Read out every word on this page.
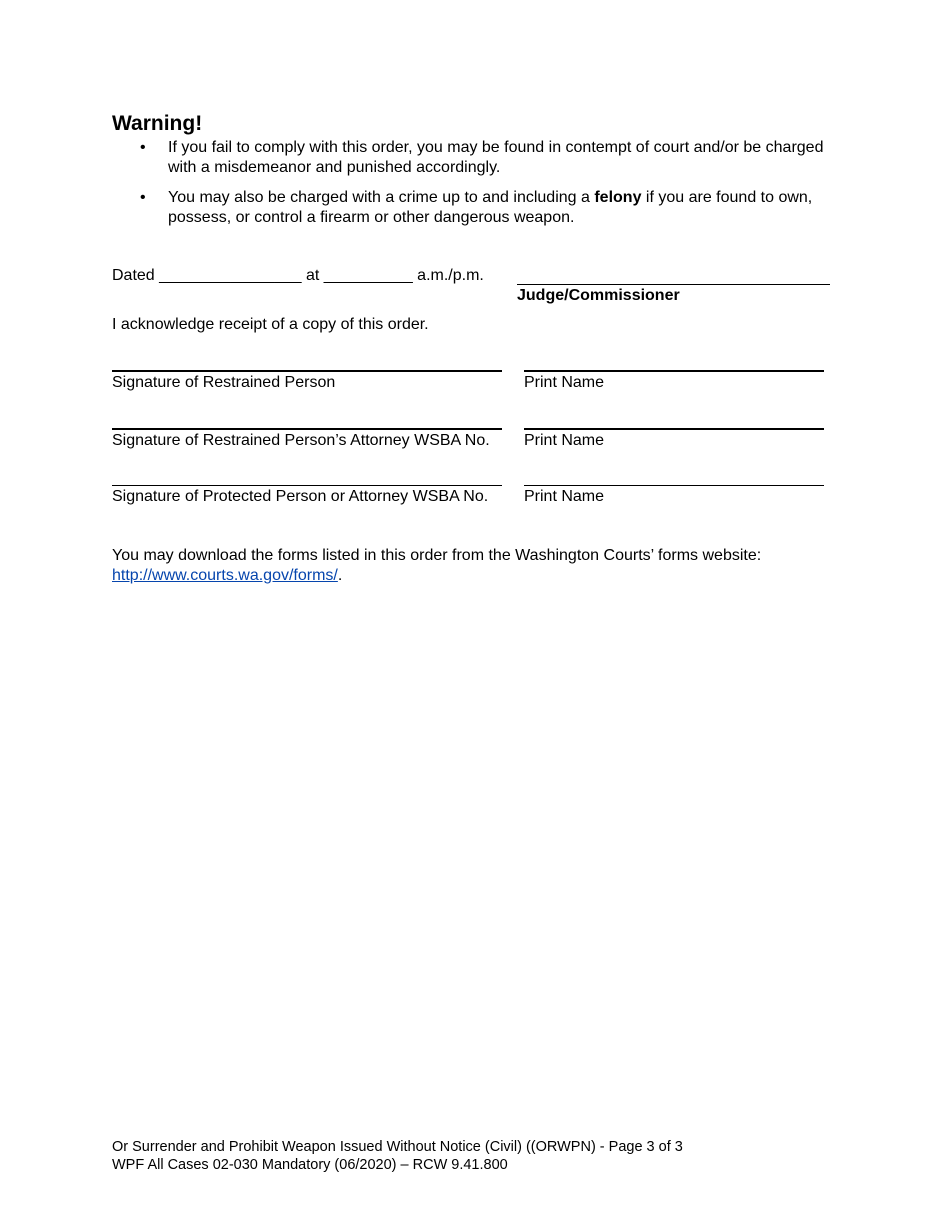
Warning!
• If you fail to comply with this order, you may be found in contempt of court and/or be charged with a misdemeanor and punished accordingly.
• You may also be charged with a crime up to and including a felony if you are found to own, possess, or control a firearm or other dangerous weapon.
Dated ________________ at __________ a.m./p.m.
Judge/Commissioner
I acknowledge receipt of a copy of this order.
Signature of Restrained Person	Print Name
Signature of Restrained Person’s Attorney WSBA No. Print Name
Signature of Protected Person or Attorney WSBA No. Print Name
You may download the forms listed in this order from the Washington Courts’ forms website:
http://www.courts.wa.gov/forms/.
Or Surrender and Prohibit Weapon Issued Without Notice (Civil) ((ORWPN) - Page 3 of 3
WPF All Cases 02-030 Mandatory (06/2020) – RCW 9.41.800
